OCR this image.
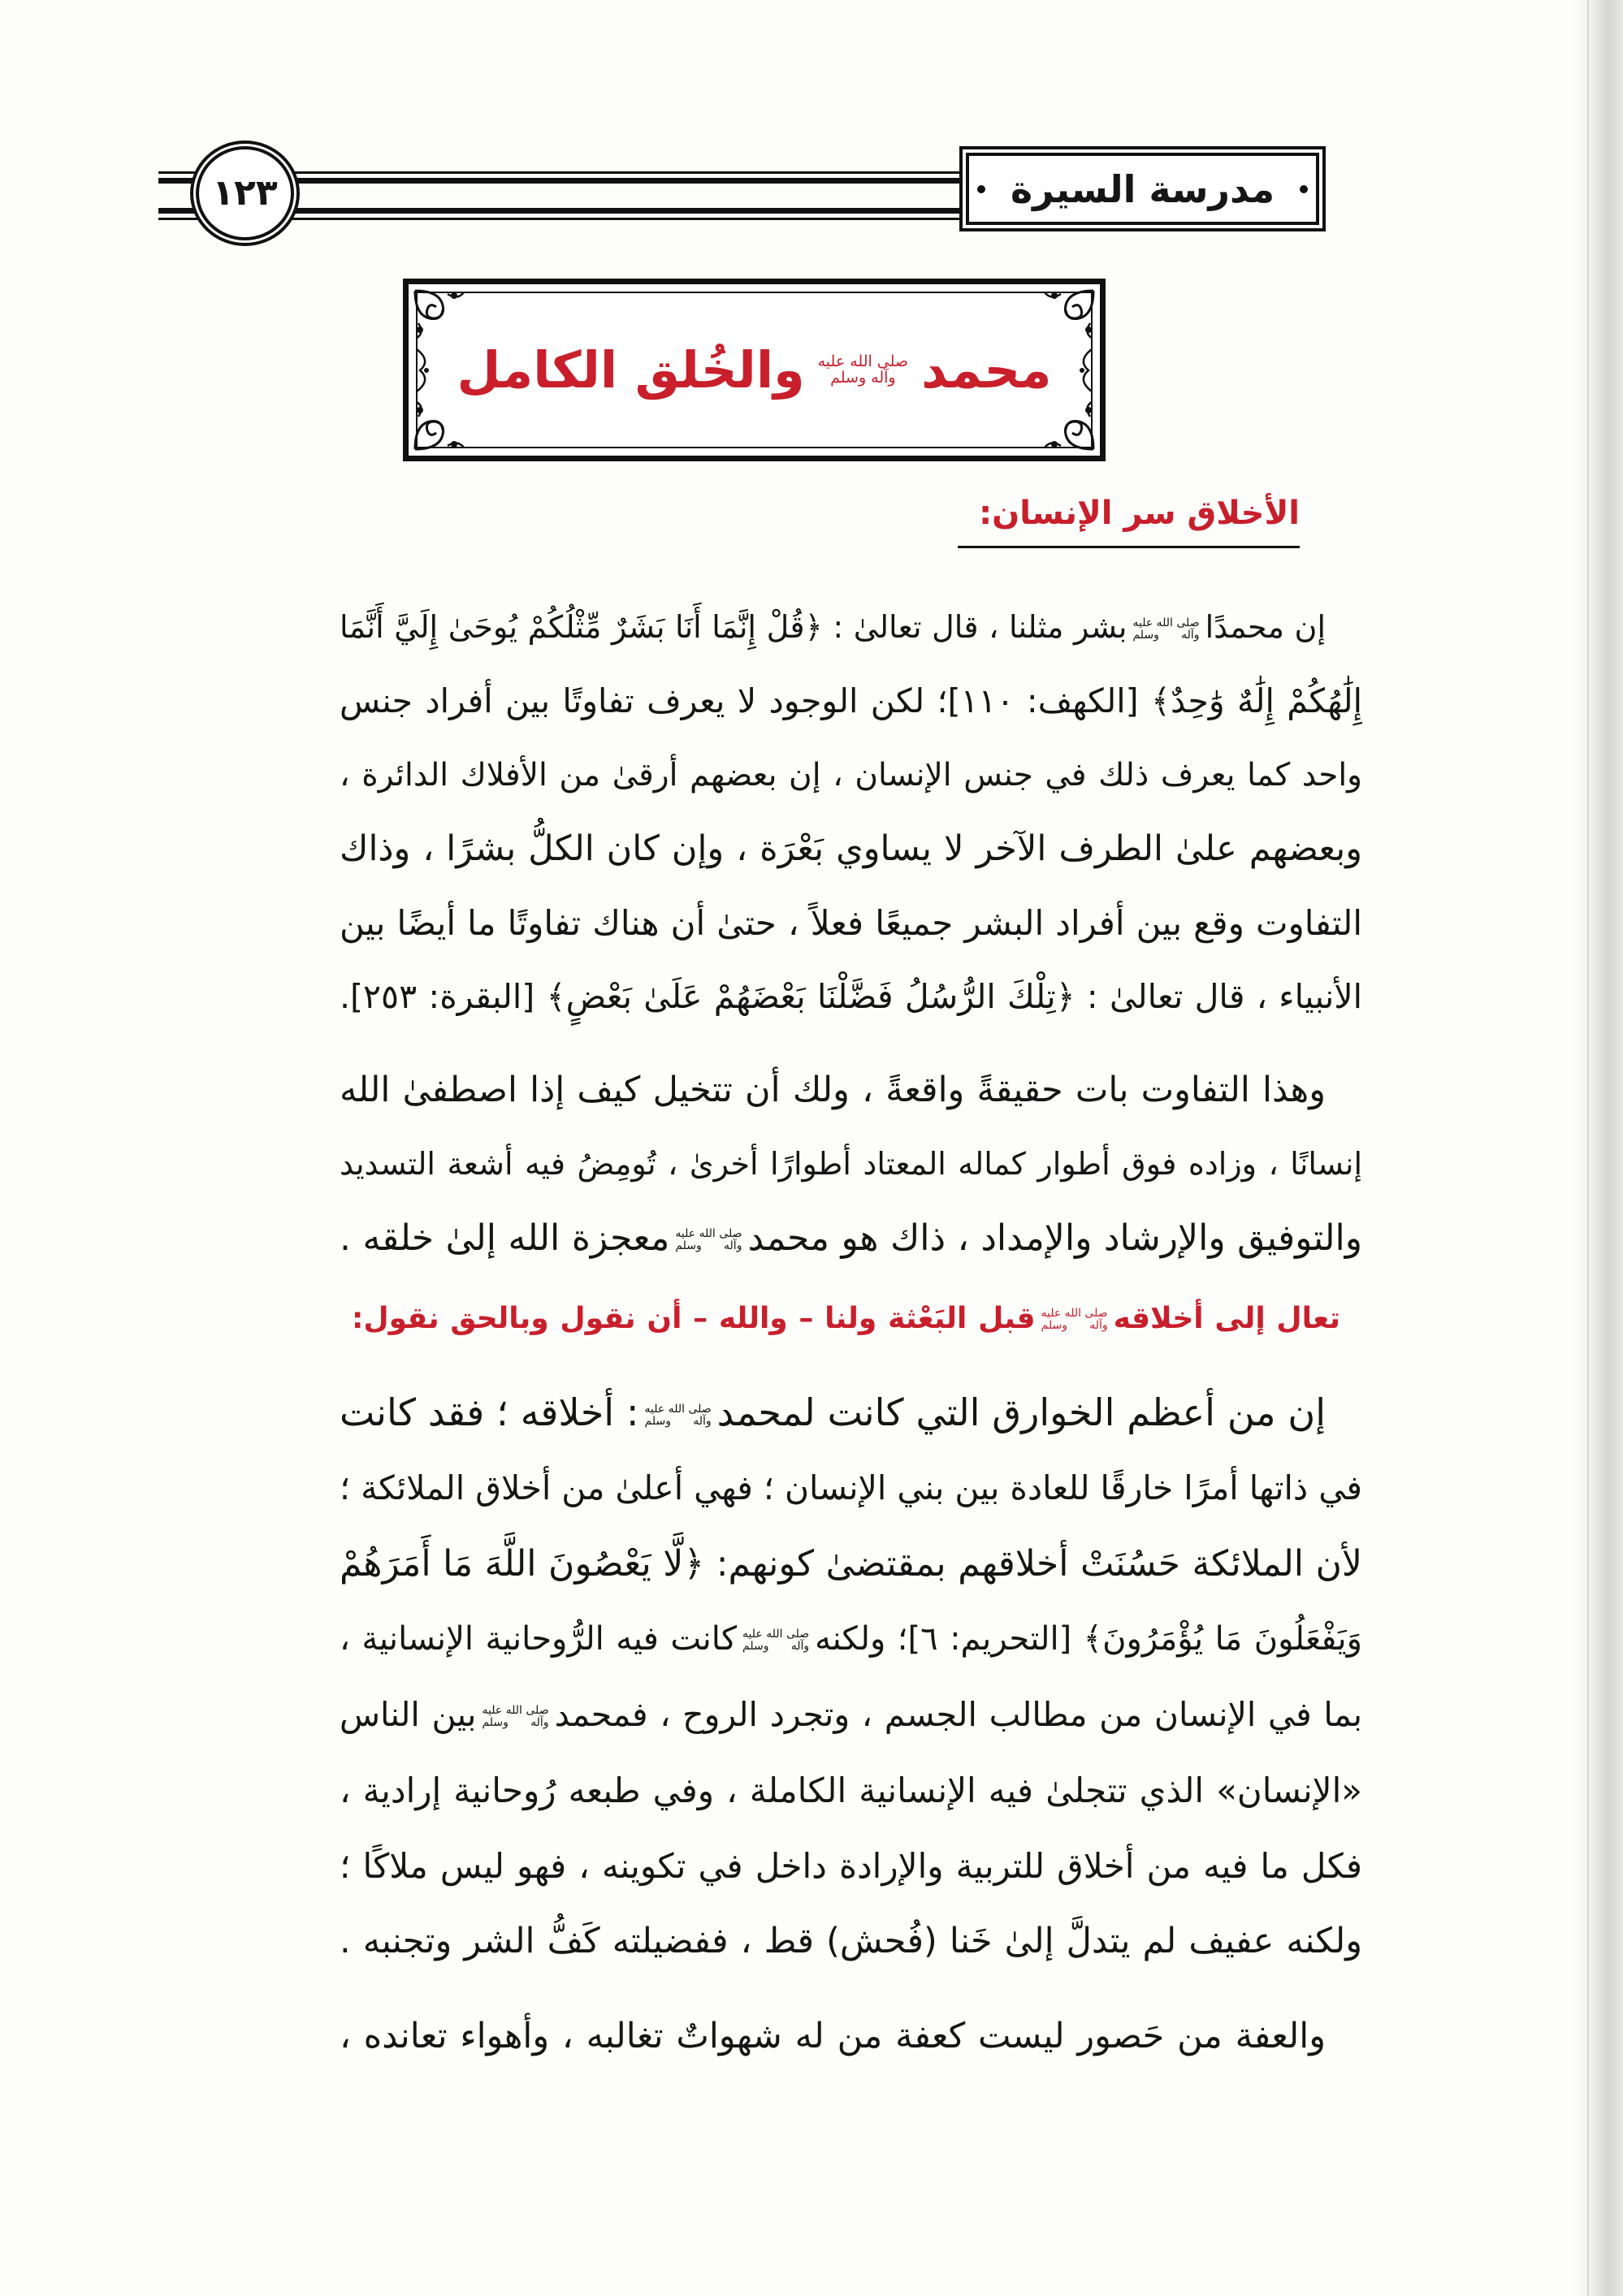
١٢٣	مدرسة السيرة
محمد
صلى الله عليه
وآله وسلم
والخُلق الكامل
الأخلاق سر الإنسان:
إن محمدًا
صلى الله عليه
وآله وسلم
بشر مثلنا ، قال تعالىٰ : ﴿قُلْ إِنَّمَا أَنَا بَشَرٌ مِّثْلُكُمْ يُوحَىٰ إِلَيَّ أَنَّمَا
إِلَٰهُكُمْ إِلَٰهٌ وَٰحِدٌ﴾ [الكهف: ١١٠]؛ لكن الوجود لا يعرف تفاوتًا بين أفراد جنس
واحد كما يعرف ذلك في جنس الإنسان ، إن بعضهم أرقىٰ من الأفلاك الدائرة ،
وبعضهم علىٰ الطرف الآخر لا يساوي بَعْرَة ، وإن كان الكلُّ بشرًا ، وذاك
التفاوت وقع بين أفراد البشر جميعًا فعلاً ، حتىٰ أن هناك تفاوتًا ما أيضًا بين
الأنبياء ، قال تعالىٰ : ﴿تِلْكَ الرُّسُلُ فَضَّلْنَا بَعْضَهُمْ عَلَىٰ بَعْضٍ﴾ [البقرة: ٢٥٣].
وهذا التفاوت بات حقيقةً واقعةً ، ولك أن تتخيل كيف إذا اصطفىٰ الله
إنسانًا ، وزاده فوق أطوار كماله المعتاد أطوارًا أخرىٰ ، تُومِضُ فيه أشعة التسديد
والتوفيق والإرشاد والإمداد ، ذاك هو محمد
صلى الله عليه
وآله وسلم
معجزة الله إلىٰ خلقه .
تعال إلى أخلاقه
صلى الله عليه
وآله وسلم
قبل البَعْثة ولنا – والله – أن نقول وبالحق نقول:
إن من أعظم الخوارق التي كانت لمحمد
صلى الله عليه
وآله وسلم
: أخلاقه ؛ فقد كانت
في ذاتها أمرًا خارقًا للعادة بين بني الإنسان ؛ فهي أعلىٰ من أخلاق الملائكة ؛
لأن الملائكة حَسُنَتْ أخلاقهم بمقتضىٰ كونهم: ﴿لَّا يَعْصُونَ اللَّهَ مَا أَمَرَهُمْ
وَيَفْعَلُونَ مَا يُؤْمَرُونَ﴾ [التحريم: ٦]؛ ولكنه
صلى الله عليه
وآله وسلم
كانت فيه الرُّوحانية الإنسانية ،
بما في الإنسان من مطالب الجسم ، وتجرد الروح ، فمحمد
صلى الله عليه
وآله وسلم
بين الناس
«الإنسان» الذي تتجلىٰ فيه الإنسانية الكاملة ، وفي طبعه رُوحانية إرادية ،
فكل ما فيه من أخلاق للتربية والإرادة داخل في تكوينه ، فهو ليس ملاكًا ؛
ولكنه عفيف لم يتدلَّ إلىٰ خَنا (فُحش) قط ، ففضيلته كَفُّ الشر وتجنبه .
والعفة من حَصور ليست كعفة من له شهواتٌ تغالبه ، وأهواء تعانده ،
